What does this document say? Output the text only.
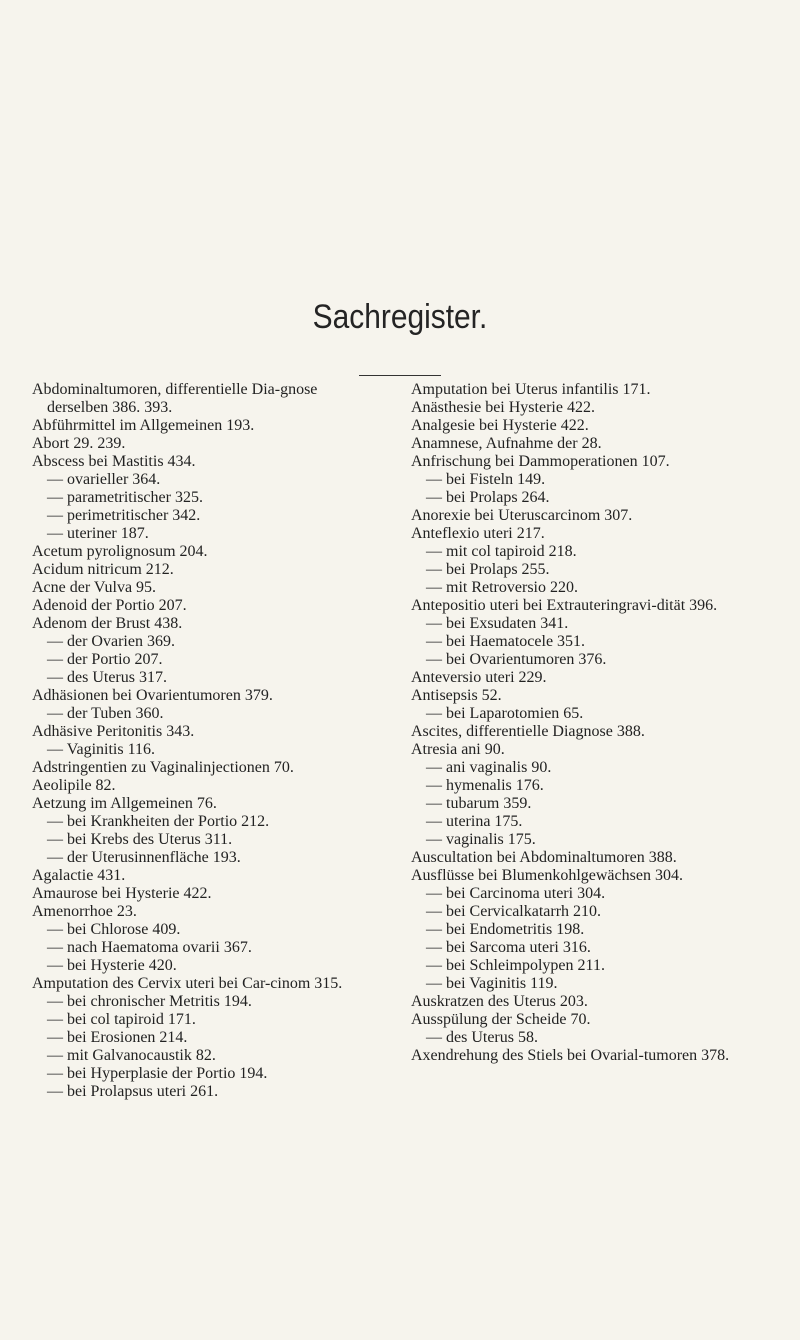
Sachregister.
Abdominaltumoren, differentielle Dia-gnose derselben 386. 393.
Abführmittel im Allgemeinen 193.
Abort 29. 239.
Abscess bei Mastitis 434.
— ovarieller 364.
— parametritischer 325.
— perimetritischer 342.
— uteriner 187.
Acetum pyrolignosum 204.
Acidum nitricum 212.
Acne der Vulva 95.
Adenoid der Portio 207.
Adenom der Brust 438.
— der Ovarien 369.
— der Portio 207.
— des Uterus 317.
Adhäsionen bei Ovarientumoren 379.
— der Tuben 360.
Adhäsive Peritonitis 343.
— Vaginitis 116.
Adstringentien zu Vaginalinjectionen 70.
Aeolipile 82.
Aetzung im Allgemeinen 76.
— bei Krankheiten der Portio 212.
— bei Krebs des Uterus 311.
— der Uterusinnenfläche 193.
Agalactie 431.
Amaurose bei Hysterie 422.
Amenorrhoe 23.
— bei Chlorose 409.
— nach Haematoma ovarii 367.
— bei Hysterie 420.
Amputation des Cervix uteri bei Car-cinom 315.
— bei chronischer Metritis 194.
— bei col tapiroid 171.
— bei Erosionen 214.
— mit Galvanocaustik 82.
— bei Hyperplasie der Portio 194.
— bei Prolapsus uteri 261.
Amputation bei Uterus infantilis 171.
Anästhesie bei Hysterie 422.
Analgesie bei Hysterie 422.
Anamnese, Aufnahme der 28.
Anfrischung bei Dammoperationen 107.
— bei Fisteln 149.
— bei Prolaps 264.
Anorexie bei Uteruscarcinom 307.
Anteflexio uteri 217.
— mit col tapiroid 218.
— bei Prolaps 255.
— mit Retroversio 220.
Antepositio uteri bei Extrauteringravi-dität 396.
— bei Exsudaten 341.
— bei Haematocele 351.
— bei Ovarientumoren 376.
Anteversio uteri 229.
Antisepsis 52.
— bei Laparotomien 65.
Ascites, differentielle Diagnose 388.
Atresia ani 90.
— ani vaginalis 90.
— hymenalis 176.
— tubarum 359.
— uterina 175.
— vaginalis 175.
Auscultation bei Abdominaltumoren 388.
Ausflüsse bei Blumenkohlgewächsen 304.
— bei Carcinoma uteri 304.
— bei Cervicalkatarrh 210.
— bei Endometritis 198.
— bei Sarcoma uteri 316.
— bei Schleimpolypen 211.
— bei Vaginitis 119.
Auskratzen des Uterus 203.
Ausspülung der Scheide 70.
— des Uterus 58.
Axendrehung des Stiels bei Ovarial-tumoren 378.
